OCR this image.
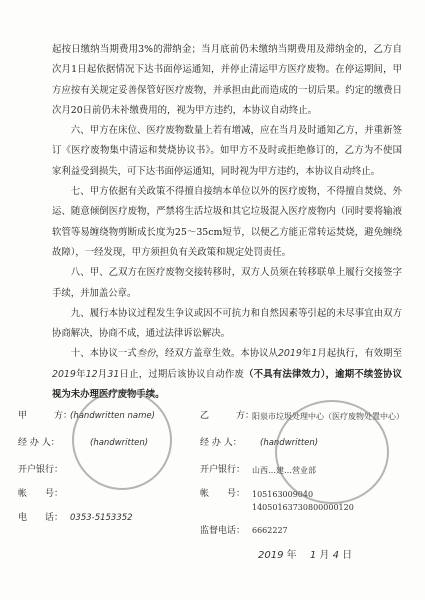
起按日缴纳当期费用3%的滞纳金；当月底前仍未缴纳当期费用及滞纳金的，乙方自次月1日起依据情况下达书面停运通知，并停止清运甲方医疗废物。在停运期间，甲方应按有关规定妥善保管好医疗废物，并承担由此而造成的一切后果。约定的缴费日次月20日前仍未补缴费用的，视为甲方违约，本协议自动终止。

六、甲方在床位、医疗废物数量上若有增减，应在当月及时通知乙方，并重新签订《医疗废物集中清运和焚烧协议书》。如甲方不及时或拒绝修订的，乙方为不使国家利益受到损失，可下达书面停运通知，同时视为甲方违约，本协议自动终止。

七、甲方依据有关政策不得擅自接纳本单位以外的医疗废物，不得擅自焚烧、外运、随意倾倒医疗废物，严禁将生活垃圾和其它垃圾混入医疗废物内（同时要将输液软管等易缠绕物剪断成长度为25～35cm短节，以便乙方能正常转运焚烧，避免缠绕故障），一经发现，甲方须担负有关政策和规定处罚责任。

八、甲、乙双方在医疗废物交接转移时，双方人员须在转移联单上履行交接签字手续，并加盖公章。

九、履行本协议过程发生争议或因不可抗力和自然因素等引起的未尽事宜由双方协商解决，协商不成，通过法律诉讼解决。

十、本协议一式叁份，经双方盖章生效。本协议从2019年1月起执行，有效期至2019年12月31日止，过期后该协议自动作废（不具有法律效力），逾期不续签协议视为未办理医疗废物手续。

甲　　　	方：
(handwritten name)
经 办 人：	(handwritten)
开户银行：
帐　　号：
电　　话： 0353-5153352
乙　　　	方：
阳泉市垃圾处理中心（医疗废物处置中心）
经 办 人： (handwritten)
开户银行： 山西…建…营业部
帐　　号： 105163009040
14050163730800000120
监督电话： 6662227
2019 年　 1 月 4 日
